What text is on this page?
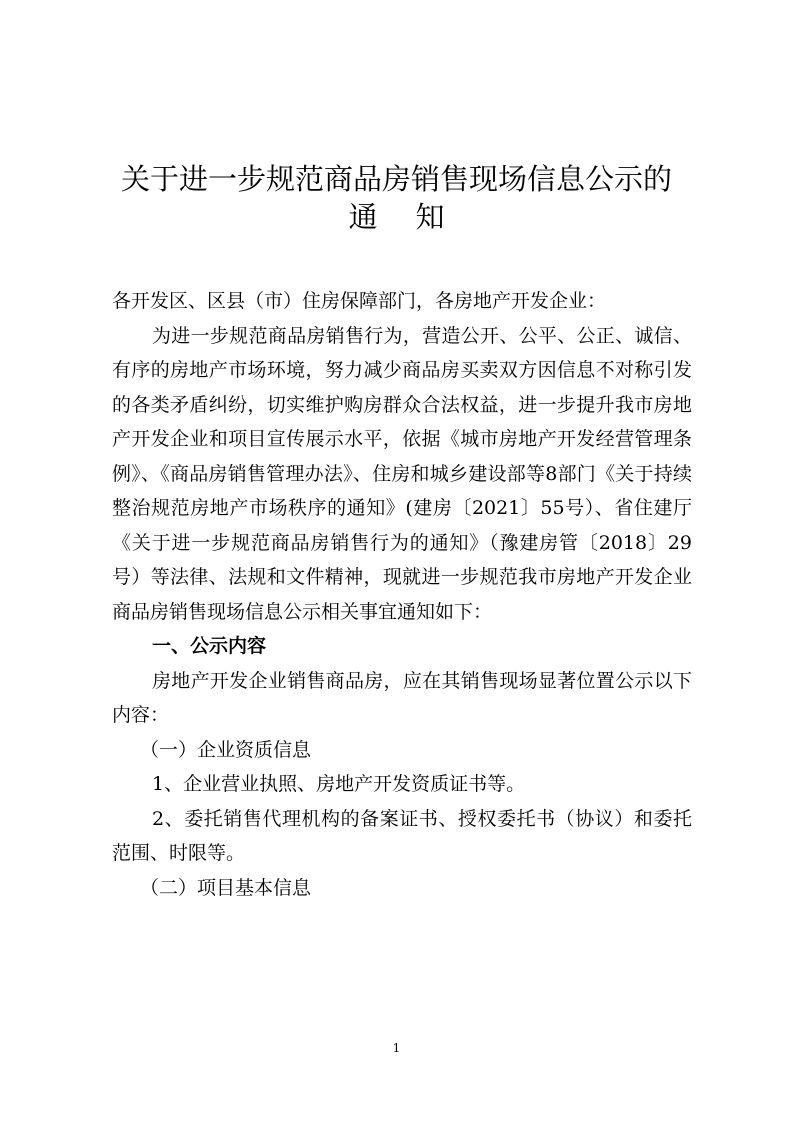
关于进一步规范商品房销售现场信息公示的
通知

各开发区、区县（市）住房保障部门，各房地产开发企业：

为进一步规范商品房销售行为，营造公开、公平、公正、诚信、有序的房地产市场环境，努力减少商品房买卖双方因信息不对称引发的各类矛盾纠纷，切实维护购房群众合法权益，进一步提升我市房地产开发企业和项目宣传展示水平，依据《城市房地产开发经营管理条例》、《商品房销售管理办法》、住房和城乡建设部等8部门《关于持续整治规范房地产市场秩序的通知》(建房〔2021〕55号）、省住建厅《关于进一步规范商品房销售行为的通知》（豫建房管〔2018〕29号）等法律、法规和文件精神，现就进一步规范我市房地产开发企业商品房销售现场信息公示相关事宜通知如下：

一、公示内容

房地产开发企业销售商品房，应在其销售现场显著位置公示以下内容：

（一）企业资质信息

1、企业营业执照、房地产开发资质证书等。

2、委托销售代理机构的备案证书、授权委托书（协议）和委托范围、时限等。

（二）项目基本信息

1
